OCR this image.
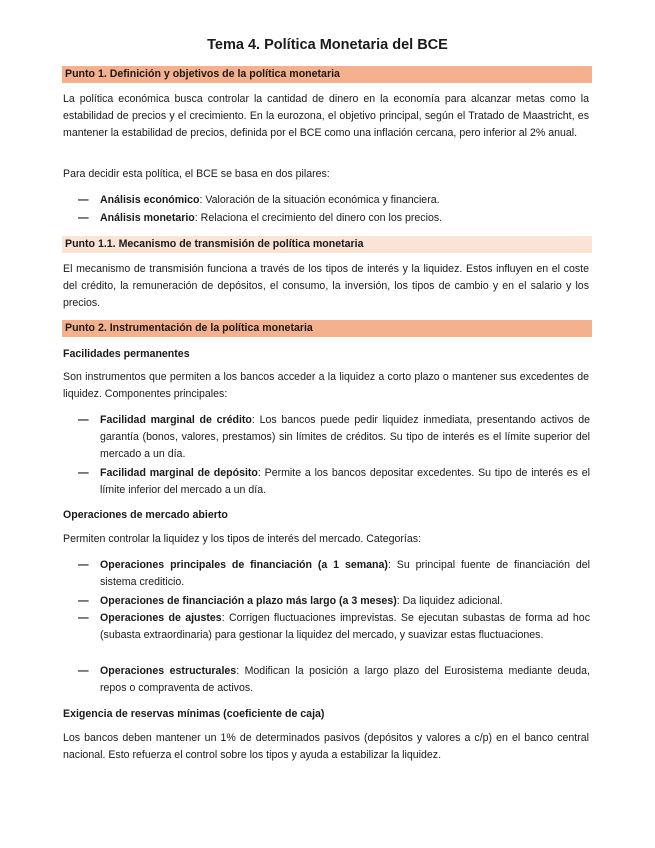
Tema 4. Política Monetaria del BCE
Punto 1. Definición y objetivos de la política monetaria

La política económica busca controlar la cantidad de dinero en la economía para alcanzar metas como la estabilidad de precios y el crecimiento. En la eurozona, el objetivo principal, según el Tratado de Maastricht, es mantener la estabilidad de precios, definida por el BCE como una inflación cercana, pero inferior al 2% anual.

Para decidir esta política, el BCE se basa en dos pilares:

—	Análisis económico: Valoración de la situación económica y financiera.
—	Análisis monetario: Relaciona el crecimiento del dinero con los precios.
Punto 1.1. Mecanismo de transmisión de política monetaria

El mecanismo de transmisión funciona a través de los tipos de interés y la liquidez. Estos influyen en el coste del crédito, la remuneración de depósitos, el consumo, la inversión, los tipos de cambio y en el salario y los precios.

Punto 2. Instrumentación de la política monetaria
Facilidades permanentes

Son instrumentos que permiten a los bancos acceder a la liquidez a corto plazo o mantener sus excedentes de liquidez. Componentes principales:

—	Facilidad marginal de crédito: Los bancos puede pedir liquidez inmediata, presentando activos de garantía (bonos, valores, prestamos) sin límites de créditos. Su tipo de interés es el límite superior del mercado a un día.
—	Facilidad marginal de depósito: Permite a los bancos depositar excedentes. Su tipo de interés es el límite inferior del mercado a un día.
Operaciones de mercado abierto

Permiten controlar la liquidez y los tipos de interés del mercado. Categorías:

—	Operaciones principales de financiación (a 1 semana): Su principal fuente de financiación del sistema crediticio.
—	Operaciones de financiación a plazo más largo (a 3 meses): Da liquidez adicional.
—	Operaciones de ajustes: Corrigen fluctuaciones imprevistas. Se ejecutan subastas de forma ad hoc (subasta extraordinaria) para gestionar la liquidez del mercado, y suavizar estas fluctuaciones.
—	Operaciones estructurales: Modifican la posición a largo plazo del Eurosistema mediante deuda, repos o compraventa de activos.
Exigencia de reservas mínimas (coeficiente de caja)

Los bancos deben mantener un 1% de determinados pasivos (depósitos y valores a c/p) en el banco central nacional. Esto refuerza el control sobre los tipos y ayuda a estabilizar la liquidez.
